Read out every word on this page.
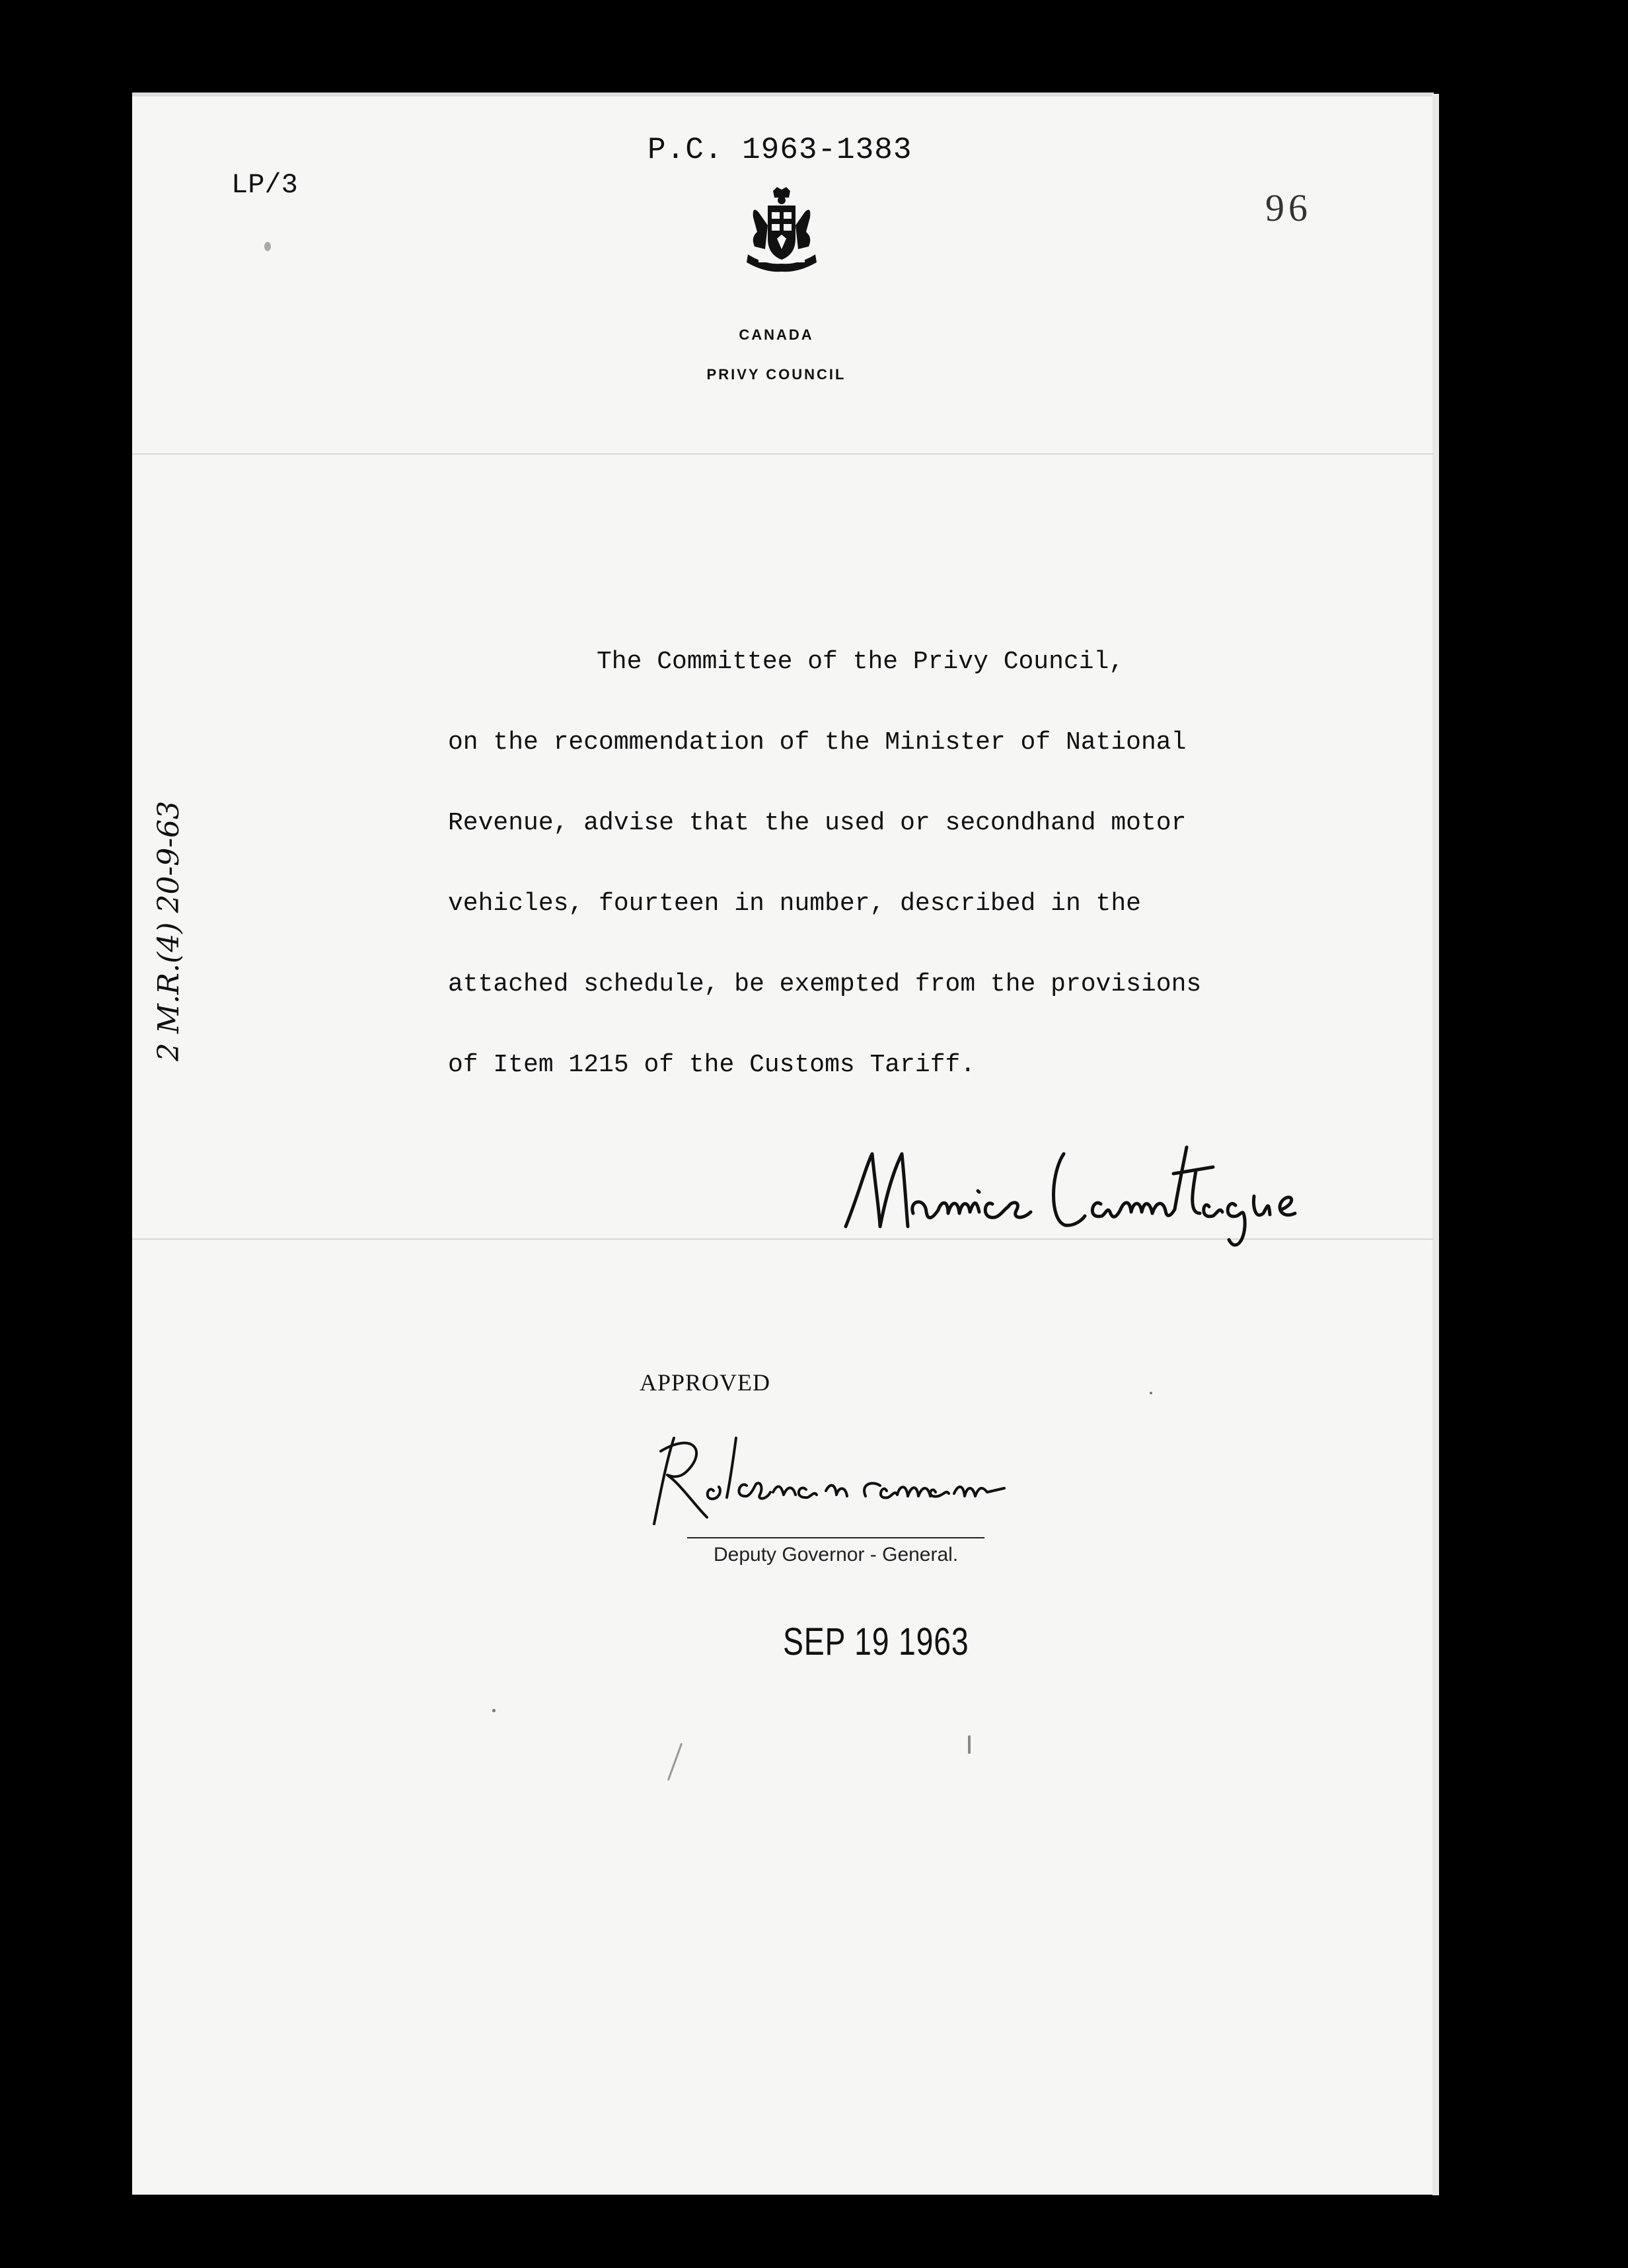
P.C. 1963-1383
LP/3
96
CANADA
PRIVY COUNCIL

The Committee of the Privy Council,

on the recommendation of the Minister of National

Revenue, advise that the used or secondhand motor

vehicles, fourteen in number, described in the

attached schedule, be exempted from the provisions

of Item 1215 of the Customs Tariff.

2 M.R.(4) 20-9-63
APPROVED
Deputy Governor - General.
SEP 19 1963
